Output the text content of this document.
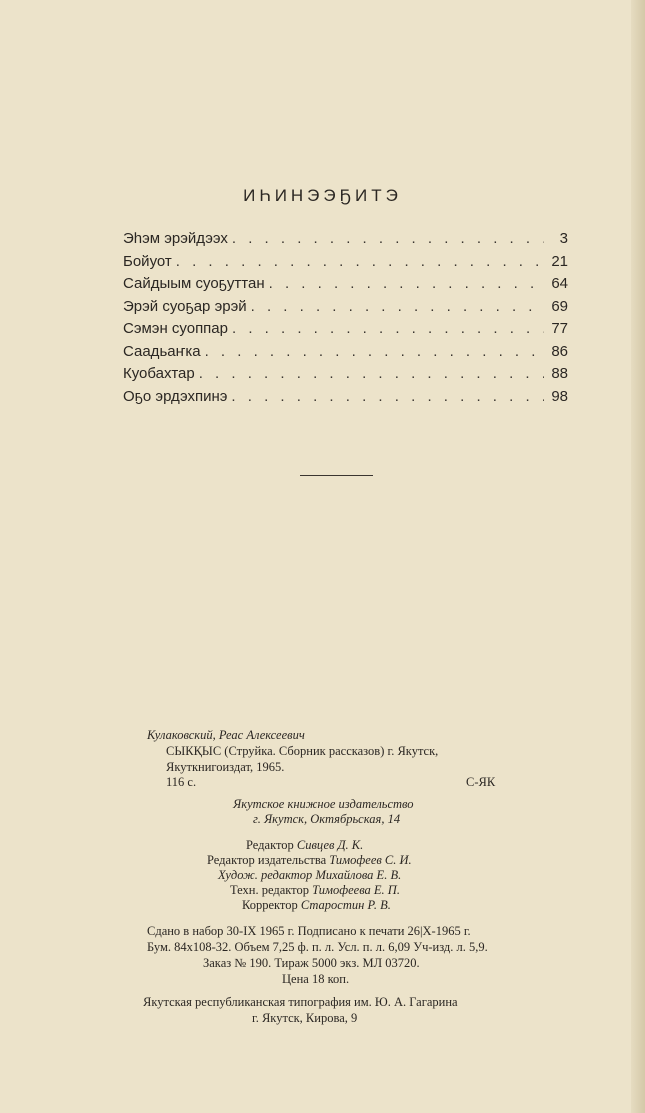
ИҺИНЭЭҔИТЭ
Эһэм эрэйдээх . . .	3
Бойуот . . .	21
Сайдыым суоҕуттан . . .	64
Эрэй суоҕар эрэй . . .	69
Сэмэн суоппар . . .	77
Саадьаҥка . . .	86
Куобахтар . . .	88
Оҕо эрдэхпинэ . . .	98
Кулаковский, Реас Алексеевич
СЫКҚЫС (Струйка. Сборник рассказов) г. Якутск,
Якуткнигоиздат, 1965.
116 с.	С-ЯК
Якутское книжное издательство
г. Якутск, Октябрьская, 14
Редактор Сивцев Д. К.
Редактор издательства Тимофеев С. И.
Худож. редактор Михайлова Е. В.
Техн. редактор Тимофеева Е. П.
Корректор Старостин Р. В.
Сдано в набор 30-IX 1965 г. Подписано к печати 26|X-1965 г.
Бум. 84x108-32. Объем 7,25 ф. п. л. Усл. п. л. 6,09 Уч-изд. л. 5,9.
Заказ № 190. Тираж 5000 экз. МЛ 03720.
Цена 18 коп.
Якутская республиканская типография им. Ю. А. Гагарина
г. Якутск, Кирова, 9
